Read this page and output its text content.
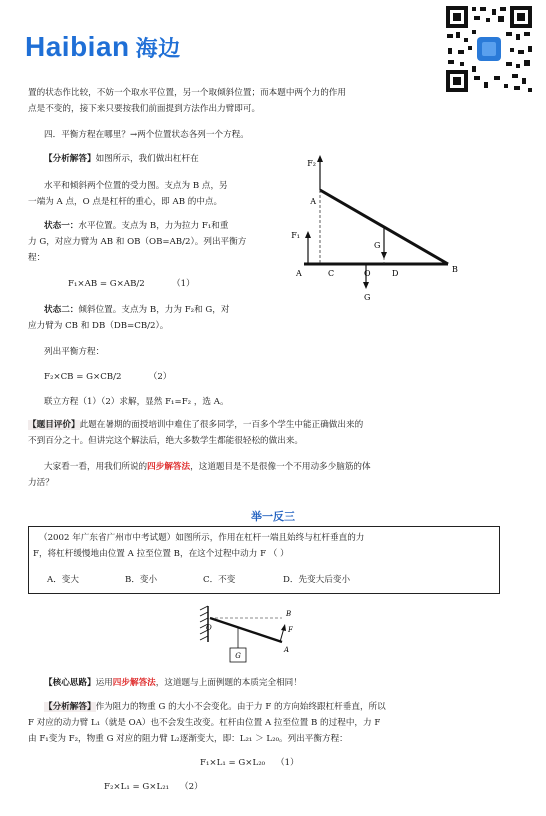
Haibian 海边

置的状态作比较，不妨一个取水平位置，另一个取倾斜位置；而本题中两个力的作用

点是不变的，接下来只要按我们前面提到方法作出力臂即可。

四．平衡方程在哪里？→两个位置状态各列一个方程。

【分析解答】如图所示，我们做出杠杆在

水平和倾斜两个位置的受力图。支点为 B 点，另

一端为 A 点，O 点是杠杆的重心，即 AB 的中点。

状态一：水平位置。支点为 B，力为拉力 F₁和重

力 G，对应力臂为 AB 和 OB（OB=AB/2）。列出平衡方

程：

F₁×AB = G×AB/2          （1）

状态二：倾斜位置。支点为 B，力为 F₂和 G，对

应力臂为 CB 和 DB（DB=CB/2）。

列出平衡方程：

F₂×CB = G×CB/2          （2）

联立方程（1）（2）求解，显然 F₁=F₂ ，选 A。

【题目评价】此题在暑期的面授培训中难住了很多同学，一百多个学生中能正确做出来的

不到百分之十。但讲完这个解法后，绝大多数学生都能很轻松的做出来。

大家看一看，用我们所说的四步解答法，这道题目是不是很像一个不用动多少脑筋的体

力活？

举一反三
（2002 年广东省广州市中考试题）如图所示，作用在杠杆一端且始终与杠杆垂直的力
F，将杠杆缓慢地由位置 A 拉至位置 B，在这个过程中动力 F （ ）
A．变大	B．变小	C．不变	D．先变大后变小
F₂
F₁
A
A	C	O	D	B
G
G
B
F
O
A
G

【核心思路】运用四步解答法，这道题与上面例题的本质完全相同！

【分析解答】作为阻力的物重 G 的大小不会变化。由于力 F 的方向始终跟杠杆垂直，所以

F 对应的动力臂 L₁（就是 OA）也不会发生改变。杠杆由位置 A 拉至位置 B 的过程中，力 F

由 F₁变为 F₂，物重 G 对应的阻力臂 L₂逐渐变大，即：L₂₁ ＞ L₂₀。列出平衡方程：

F₁×L₁ = G×L₂₀    （1）

F₂×L₁ = G×L₂₁    （2）
